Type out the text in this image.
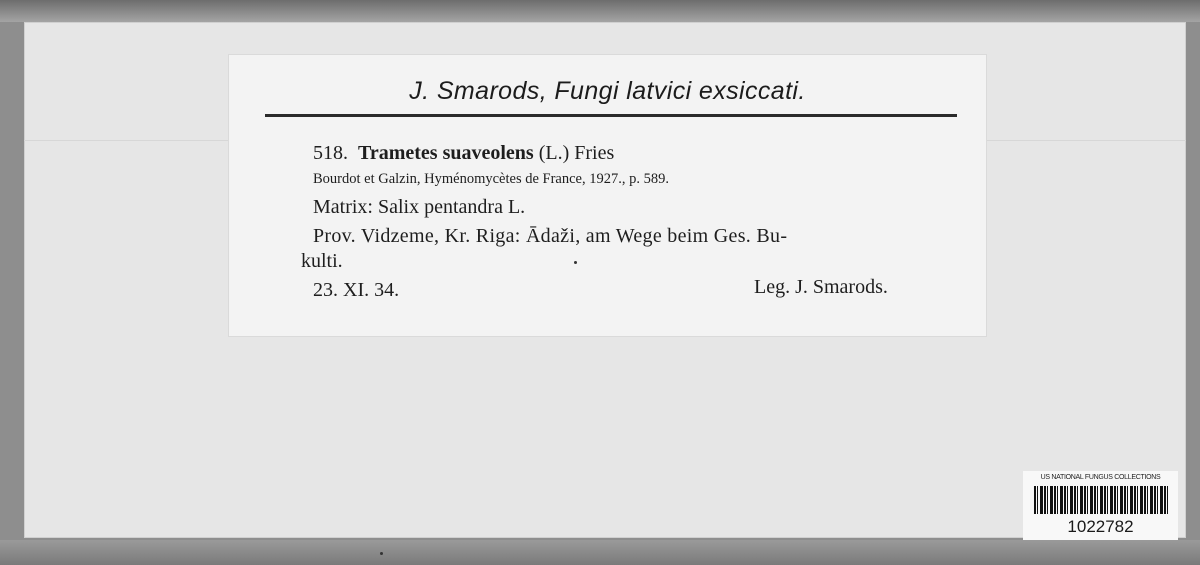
US NATIONAL FUNGUS COLLECTIONS
1022782
J. Smarods, Fungi latvici exsiccati.
518. Trametes suaveolens (L.) Fries
Bourdot et Galzin, Hyménomycètes de France, 1927., p. 589.
Matrix: Salix pentandra L.
Prov. Vidzeme, Kr. Riga: Ādaži, am Wege beim Ges. Bu-
kulti.
23. XI. 34.	Leg. J. Smarods.
